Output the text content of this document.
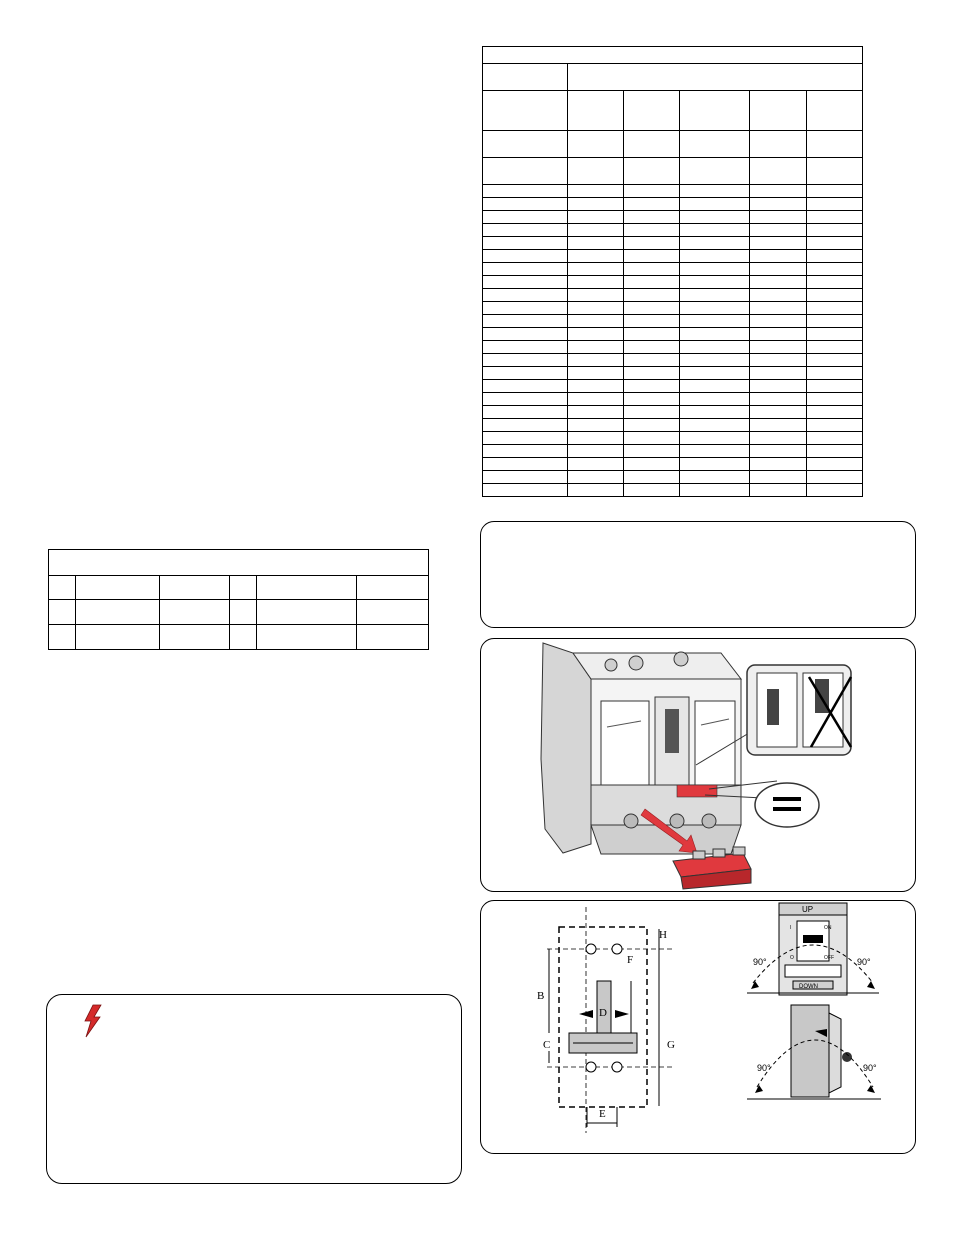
B
C
D
E
F
G
H
UP
DOWN
ON
OFF
I
O
90°	90°
90°	90°
